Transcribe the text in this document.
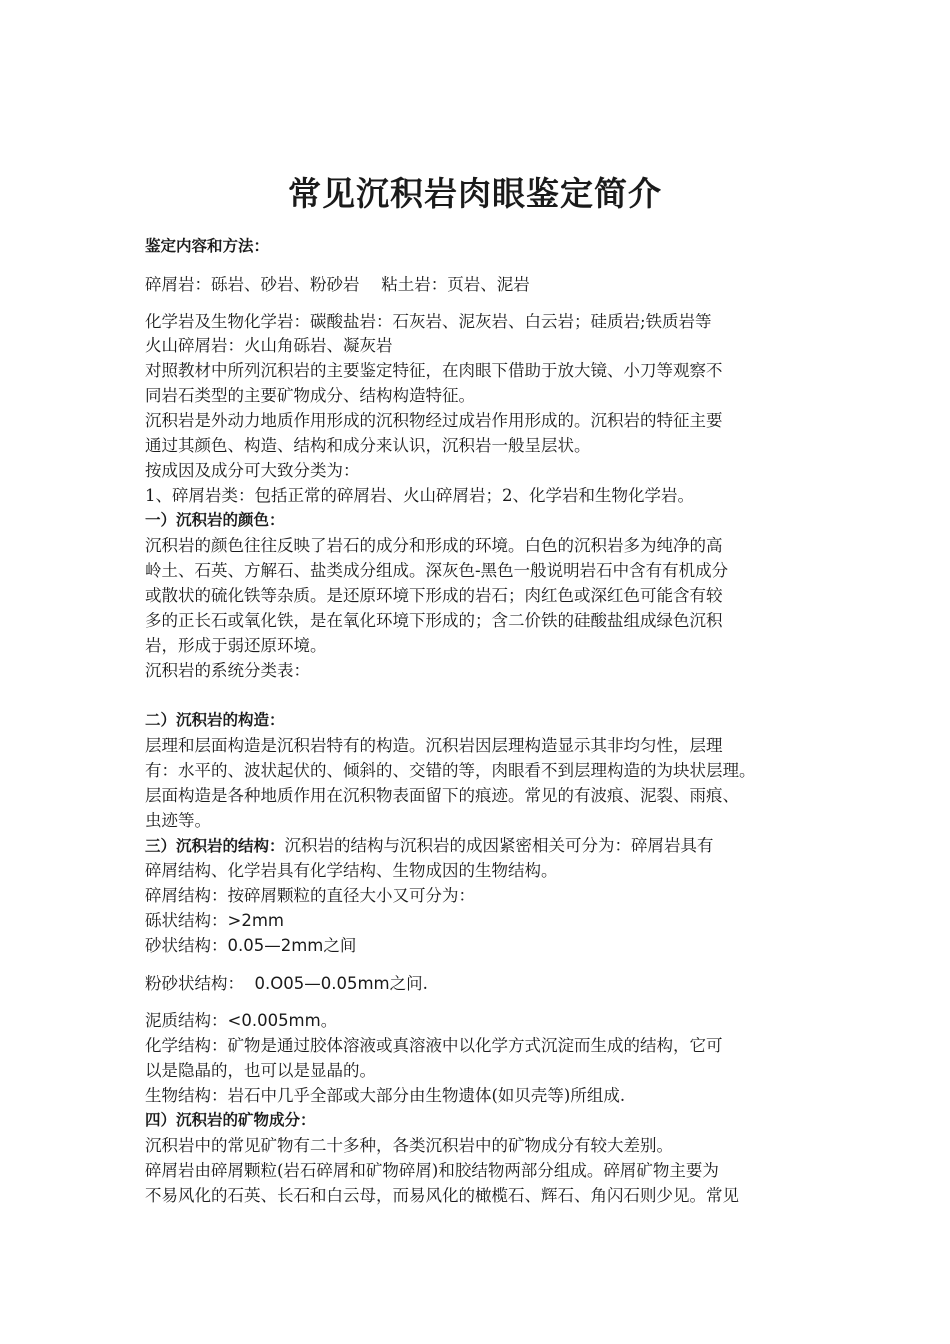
常见沉积岩肉眼鉴定简介
鉴定内容和方法：
碎屑岩：砾岩、砂岩、粉砂岩　 粘土岩：页岩、泥岩
化学岩及生物化学岩：碳酸盐岩：石灰岩、泥灰岩、白云岩；硅质岩;铁质岩等
火山碎屑岩：火山角砾岩、凝灰岩
对照教材中所列沉积岩的主要鉴定特征，在肉眼下借助于放大镜、小刀等观察不
同岩石类型的主要矿物成分、结构构造特征。
沉积岩是外动力地质作用形成的沉积物经过成岩作用形成的。沉积岩的特征主要
通过其颜色、构造、结构和成分来认识，沉积岩一般呈层状。
按成因及成分可大致分类为：
1、碎屑岩类：包括正常的碎屑岩、火山碎屑岩；2、化学岩和生物化学岩。
一）沉积岩的颜色：
沉积岩的颜色往往反映了岩石的成分和形成的环境。白色的沉积岩多为纯净的高
岭土、石英、方解石、盐类成分组成。深灰色-黑色一般说明岩石中含有有机成分
或散状的硫化铁等杂质。是还原环境下形成的岩石；肉红色或深红色可能含有较
多的正长石或氧化铁，是在氧化环境下形成的；含二价铁的硅酸盐组成绿色沉积
岩，形成于弱还原环境。
沉积岩的系统分类表：
二）沉积岩的构造：
层理和层面构造是沉积岩特有的构造。沉积岩因层理构造显示其非均匀性，层理
有：水平的、波状起伏的、倾斜的、交错的等，肉眼看不到层理构造的为块状层理。
层面构造是各种地质作用在沉积物表面留下的痕迹。常见的有波痕、泥裂、雨痕、
虫迹等。
三）沉积岩的结构：沉积岩的结构与沉积岩的成因紧密相关可分为：碎屑岩具有
碎屑结构、化学岩具有化学结构、生物成因的生物结构。
碎屑结构：按碎屑颗粒的直径大小又可分为：
砾状结构：>2mm
砂状结构：0.05—2mm之间
粉砂状结构： 0.O05—0.05mm之问.
泥质结构：<0.005mm。
化学结构：矿物是通过胶体溶液或真溶液中以化学方式沉淀而生成的结构，它可
以是隐晶的，也可以是显晶的。
生物结构：岩石中几乎全部或大部分由生物遗体(如贝壳等)所组成.
四）沉积岩的矿物成分：
沉积岩中的常见矿物有二十多种，各类沉积岩中的矿物成分有较大差别。
碎屑岩由碎屑颗粒(岩石碎屑和矿物碎屑)和胶结物两部分组成。碎屑矿物主要为
不易风化的石英、长石和白云母，而易风化的橄榄石、辉石、角闪石则少见。常见
